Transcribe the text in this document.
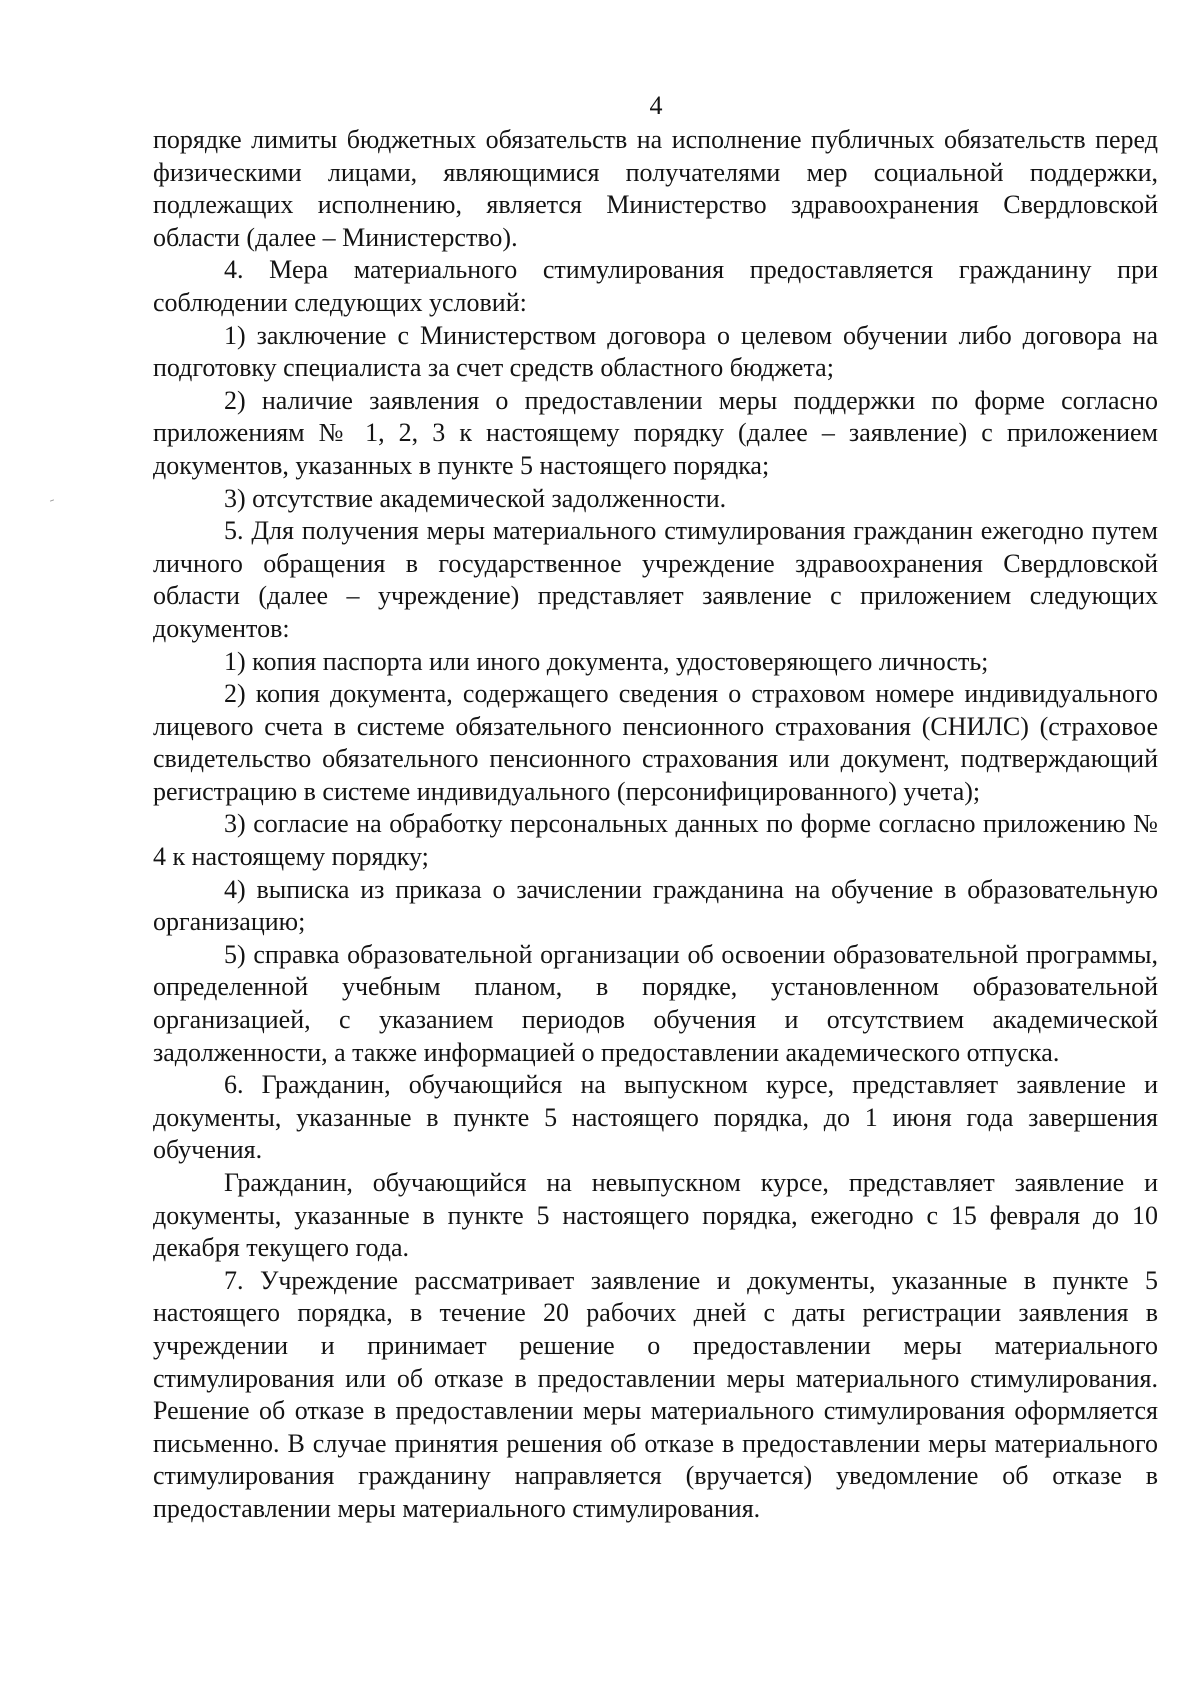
4

порядке лимиты бюджетных обязательств на исполнение публичных обязательств перед физическими лицами, являющимися получателями мер социальной поддержки, подлежащих исполнению, является Министерство здравоохранения Свердловской области (далее – Министерство).

4. Мера материального стимулирования предоставляется гражданину при соблюдении следующих условий:

1) заключение с Министерством договора о целевом обучении либо договора на подготовку специалиста за счет средств областного бюджета;

2) наличие заявления о предоставлении меры поддержки по форме согласно приложениям № 1, 2, 3 к настоящему порядку (далее – заявление) с приложением документов, указанных в пункте 5 настоящего порядка;

3) отсутствие академической задолженности.

5. Для получения меры материального стимулирования гражданин ежегодно путем личного обращения в государственное учреждение здравоохранения Свердловской области (далее – учреждение) представляет заявление с приложением следующих документов:

1) копия паспорта или иного документа, удостоверяющего личность;

2) копия документа, содержащего сведения о страховом номере индивидуального лицевого счета в системе обязательного пенсионного страхования (СНИЛС) (страховое свидетельство обязательного пенсионного страхования или документ, подтверждающий регистрацию в системе индивидуального (персонифицированного) учета);

3) согласие на обработку персональных данных по форме согласно приложению № 4 к настоящему порядку;

4) выписка из приказа о зачислении гражданина на обучение в образовательную организацию;

5) справка образовательной организации об освоении образовательной программы, определенной учебным планом, в порядке, установленном образовательной организацией, с указанием периодов обучения и отсутствием академической задолженности, а также информацией о предоставлении академического отпуска.

6. Гражданин, обучающийся на выпускном курсе, представляет заявление и документы, указанные в пункте 5 настоящего порядка, до 1 июня года завершения обучения.

Гражданин, обучающийся на невыпускном курсе, представляет заявление и документы, указанные в пункте 5 настоящего порядка, ежегодно с 15 февраля до 10 декабря текущего года.

7. Учреждение рассматривает заявление и документы, указанные в пункте 5 настоящего порядка, в течение 20 рабочих дней с даты регистрации заявления в учреждении и принимает решение о предоставлении меры материального стимулирования или об отказе в предоставлении меры материального стимулирования. Решение об отказе в предоставлении меры материального стимулирования оформляется письменно. В случае принятия решения об отказе в предоставлении меры материального стимулирования гражданину направляется (вручается) уведомление об отказе в предоставлении меры материального стимулирования.
